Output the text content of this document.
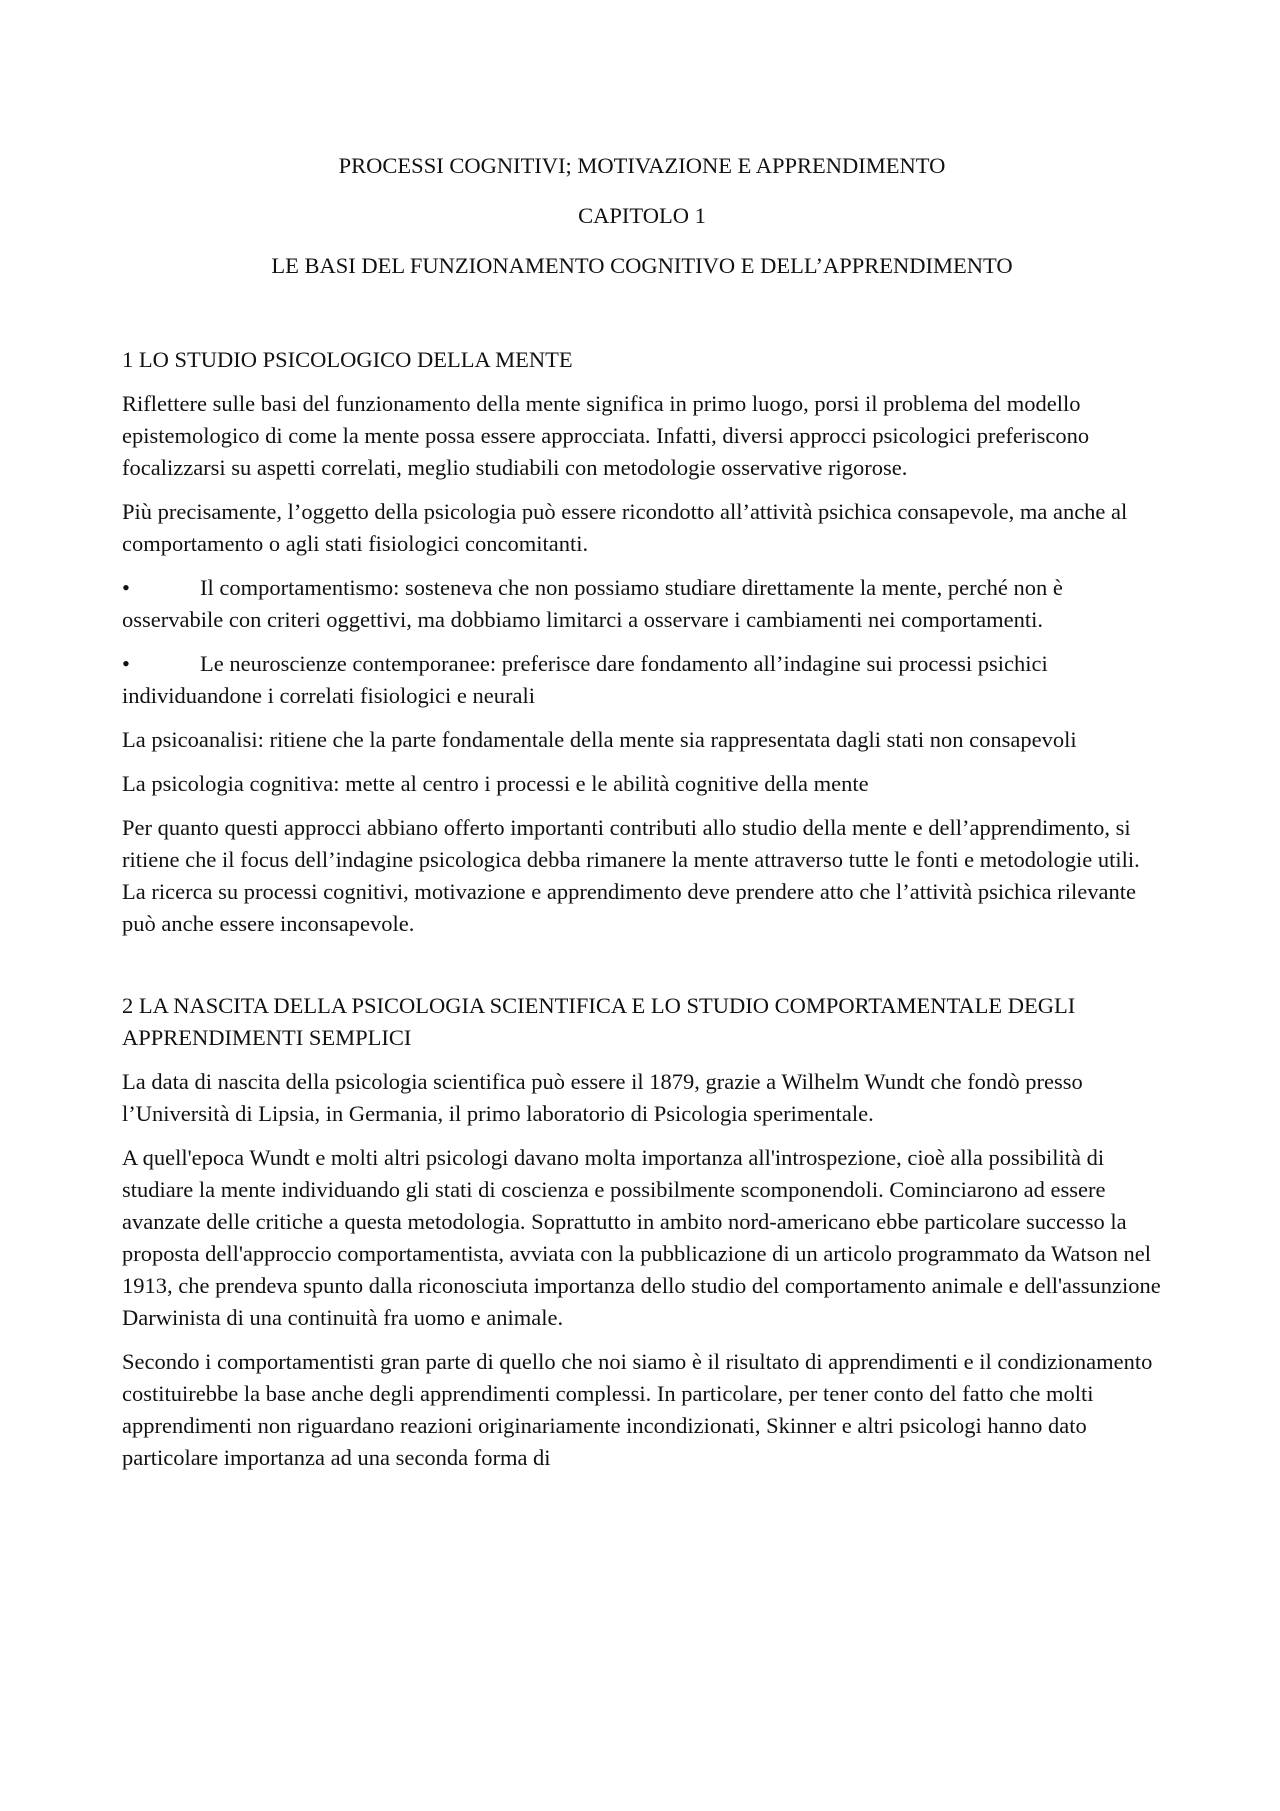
PROCESSI COGNITIVI; MOTIVAZIONE E APPRENDIMENTO

CAPITOLO 1

LE BASI DEL FUNZIONAMENTO COGNITIVO E DELL’APPRENDIMENTO

1 LO STUDIO PSICOLOGICO DELLA MENTE

Riflettere sulle basi del funzionamento della mente significa in primo luogo, porsi il problema del modello epistemologico di come la mente possa essere approcciata. Infatti, diversi approcci psicologici preferiscono focalizzarsi su aspetti correlati, meglio studiabili con metodologie osservative rigorose.

Più precisamente, l’oggetto della psicologia può essere ricondotto all’attività psichica consapevole, ma anche al comportamento o agli stati fisiologici concomitanti.

•	Il comportamentismo: sosteneva che non possiamo studiare direttamente la mente, perché non è osservabile con criteri oggettivi, ma dobbiamo limitarci a osservare i cambiamenti nei comportamenti.

•	Le neuroscienze contemporanee: preferisce dare fondamento all’indagine sui processi psichici individuandone i correlati fisiologici e neurali

La psicoanalisi: ritiene che la parte fondamentale della mente sia rappresentata dagli stati non consapevoli

La psicologia cognitiva: mette al centro i processi e le abilità cognitive della mente

Per quanto questi approcci abbiano offerto importanti contributi allo studio della mente e dell’apprendimento, si ritiene che il focus dell’indagine psicologica debba rimanere la mente attraverso tutte le fonti e metodologie utili. La ricerca su processi cognitivi, motivazione e apprendimento deve prendere atto che l’attività psichica rilevante può anche essere inconsapevole.

2 LA NASCITA DELLA PSICOLOGIA SCIENTIFICA E LO STUDIO COMPORTAMENTALE DEGLI APPRENDIMENTI SEMPLICI

La data di nascita della psicologia scientifica può essere il 1879, grazie a Wilhelm Wundt che fondò presso l’Università di Lipsia, in Germania, il primo laboratorio di Psicologia sperimentale.

A quell'epoca Wundt e molti altri psicologi davano molta importanza all'introspezione, cioè alla possibilità di studiare la mente individuando gli stati di coscienza e possibilmente scomponendoli. Cominciarono ad essere avanzate delle critiche a questa metodologia. Soprattutto in ambito nord-americano ebbe particolare successo la proposta dell'approccio comportamentista, avviata con la pubblicazione di un articolo programmato da Watson nel 1913, che prendeva spunto dalla riconosciuta importanza dello studio del comportamento animale e dell'assunzione Darwinista di una continuità fra uomo e animale.

Secondo i comportamentisti gran parte di quello che noi siamo è il risultato di apprendimenti e il condizionamento costituirebbe la base anche degli apprendimenti complessi. In particolare, per tener conto del fatto che molti apprendimenti non riguardano reazioni originariamente incondizionati, Skinner e altri psicologi hanno dato particolare importanza ad una seconda forma di
